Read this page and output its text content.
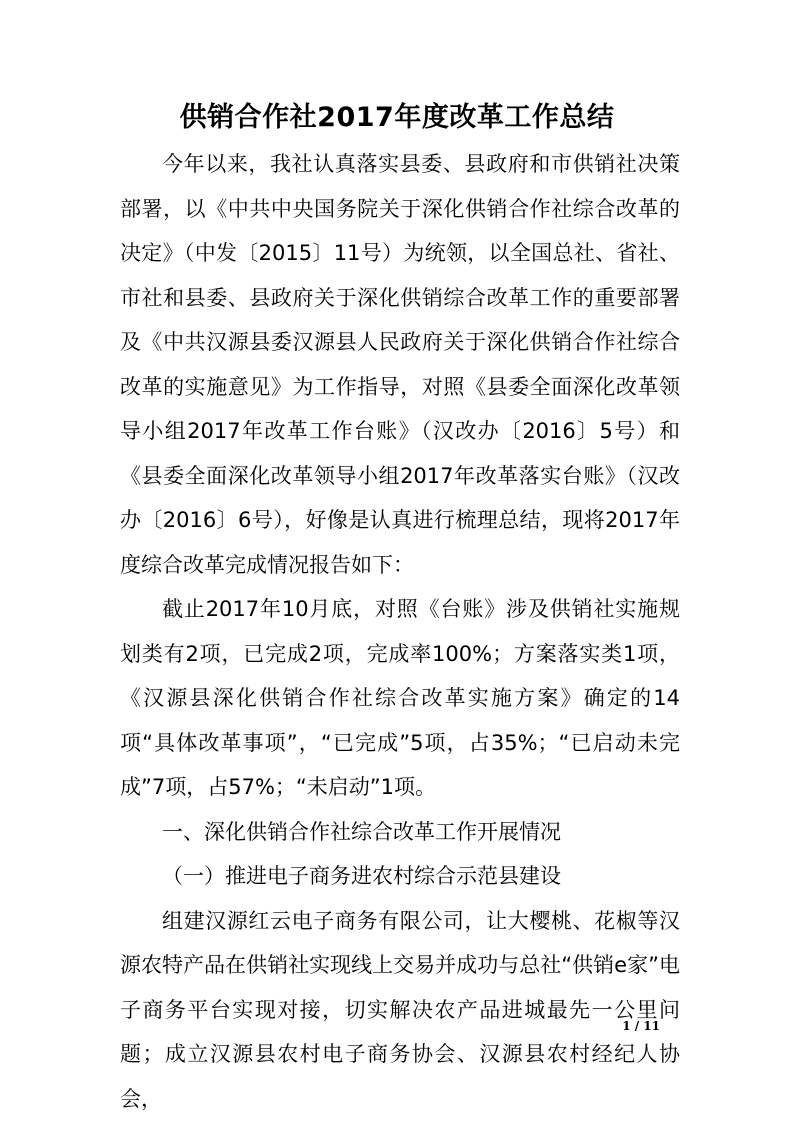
供销合作社2017年度改革工作总结

今年以来，我社认真落实县委、县政府和市供销社决策部署，以《中共中央国务院关于深化供销合作社综合改革的决定》（中发〔2015〕11号）为统领，以全国总社、省社、市社和县委、县政府关于深化供销综合改革工作的重要部署及《中共汉源县委汉源县人民政府关于深化供销合作社综合改革的实施意见》为工作指导，对照《县委全面深化改革领导小组2017年改革工作台账》（汉改办〔2016〕5号）和《县委全面深化改革领导小组2017年改革落实台账》（汉改办〔2016〕6号），好像是认真进行梳理总结，现将2017年度综合改革完成情况报告如下：

截止2017年10月底，对照《台账》涉及供销社实施规划类有2项，已完成2项，完成率100%；方案落实类1项，《汉源县深化供销合作社综合改革实施方案》确定的14项“具体改革事项”，“已完成”5项，占35%；“已启动未完成”7项，占57%；“未启动”1项。

一、深化供销合作社综合改革工作开展情况

（一）推进电子商务进农村综合示范县建设

组建汉源红云电子商务有限公司，让大樱桃、花椒等汉源农特产品在供销社实现线上交易并成功与总社“供销e家”电子商务平台实现对接，切实解决农产品进城最先一公里问题；成立汉源县农村电子商务协会、汉源县农村经纪人协会，

1 / 11
